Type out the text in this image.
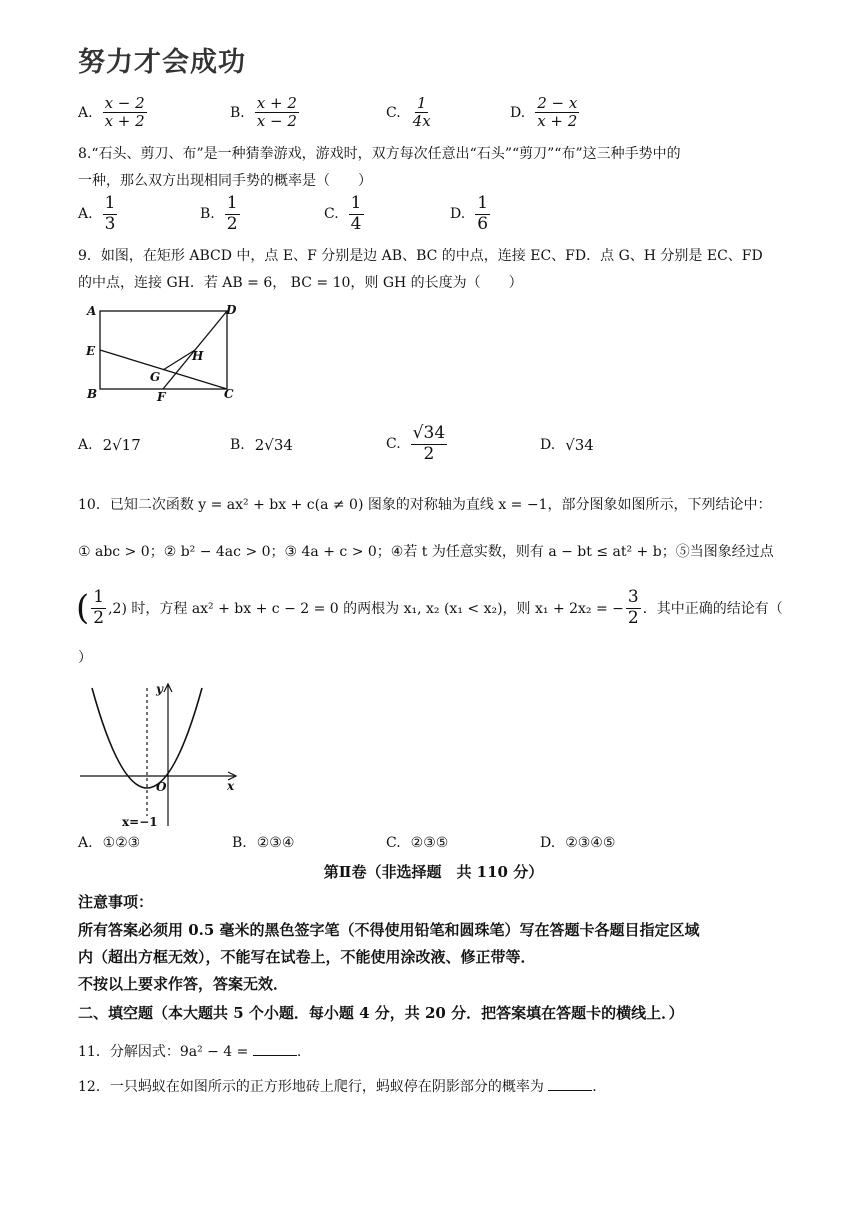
努力才会成功
A. $\frac{x - 2}{x + 2}$	B. $\frac{x + 2}{x - 2}$	C. $\frac{1}{4x}$	D. $\frac{2 - x}{x + 2}$
8.“石头、剪刀、布”是一种猜拳游戏，游戏时，双方每次任意出“石头”“剪刀”“布”这三种手势中的
一种，那么双方出现相同手势的概率是（　　）
A. $\frac{1}{3}$	B. $\frac{1}{2}$	C. $\frac{1}{4}$	D. $\frac{1}{6}$
9．如图，在矩形 ABCD 中，点 E、F 分别是边 AB、BC 的中点，连接 EC、FD．点 G、H 分别是 EC、FD
的中点，连接 GH．若 AB = 6， BC = 10，则 GH 的长度为（　　）
A
B	C
D
E
F
G
H
A. 2√17	B. 2√34	C. $\frac{√34}{2}$	D. √34
10．已知二次函数 y = ax² + bx + c(a ≠ 0) 图象的对称轴为直线 x = −1，部分图象如图所示，下列结论中：
① abc > 0；② b² − 4ac > 0；③ 4a + c > 0；④若 t 为任意实数，则有 a − bt ≤ at² + b；⑤当图象经过点
( $\frac{1}{2} ,2$) 时，方程 ax² + bx + c − 2 = 0 的两根为 x₁, x₂ (x₁ < x₂)，则 x₁ + 2x₂ = − $\frac{3}{2}$ ．其中正确的结论有（
）
y
x
O
x=−1
A. ①②③	B. ②③④	C. ②③⑤	D. ②③④⑤
第Ⅱ卷（非选择题　共 110 分）
注意事项：
所有答案必须用 0.5 毫米的黑色签字笔（不得使用铅笔和圆珠笔）写在答题卡各题目指定区域
内（超出方框无效），不能写在试卷上，不能使用涂改液、修正带等．
不按以上要求作答，答案无效．
二、填空题（本大题共 5 个小题．每小题 4 分，共 20 分．把答案填在答题卡的横线上．）
11．分解因式：9a² − 4 =	.
12．一只蚂蚁在如图所示的正方形地砖上爬行，蚂蚁停在阴影部分的概率为	.
